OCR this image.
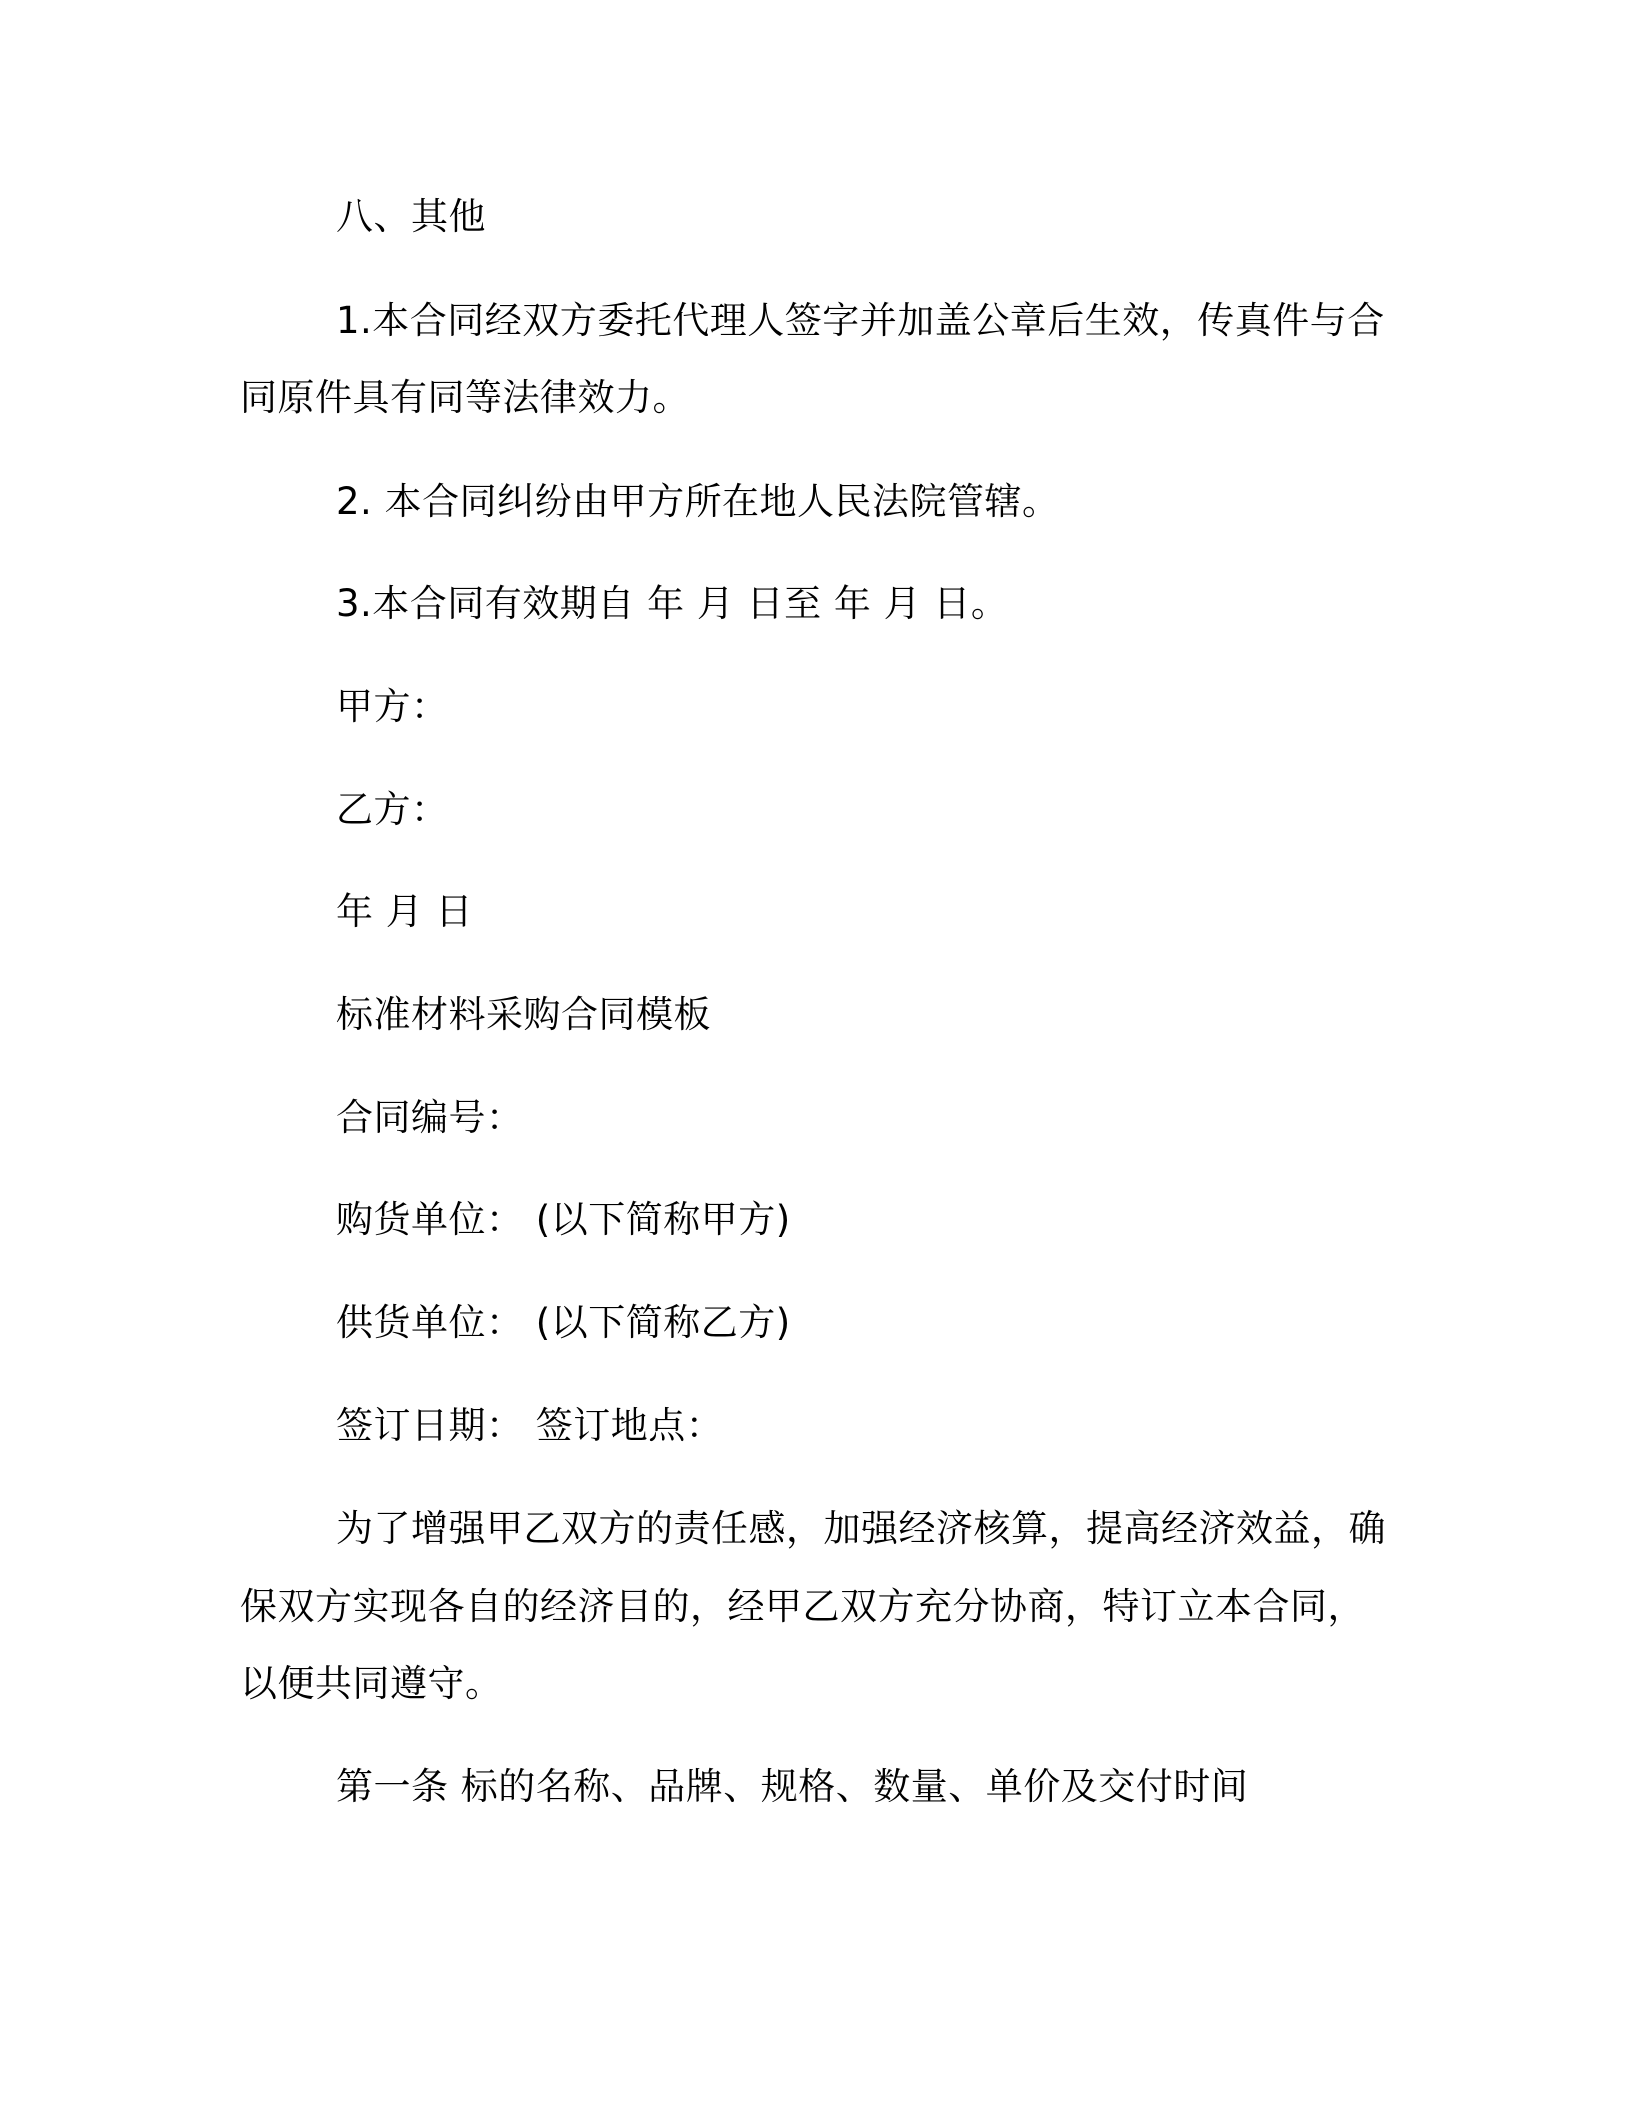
八、其他
1.本合同经双方委托代理人签字并加盖公章后生效，传真件与合
同原件具有同等法律效力。
2. 本合同纠纷由甲方所在地人民法院管辖。
3.本合同有效期自 年 月 日至 年 月 日。
甲方：
乙方：
年 月 日
标准材料采购合同模板
合同编号：
购货单位： (以下简称甲方)
供货单位： (以下简称乙方)
签订日期： 签订地点：
为了增强甲乙双方的责任感，加强经济核算，提高经济效益，确
保双方实现各自的经济目的，经甲乙双方充分协商，特订立本合同，
以便共同遵守。
第一条 标的名称、品牌、规格、数量、单价及交付时间
